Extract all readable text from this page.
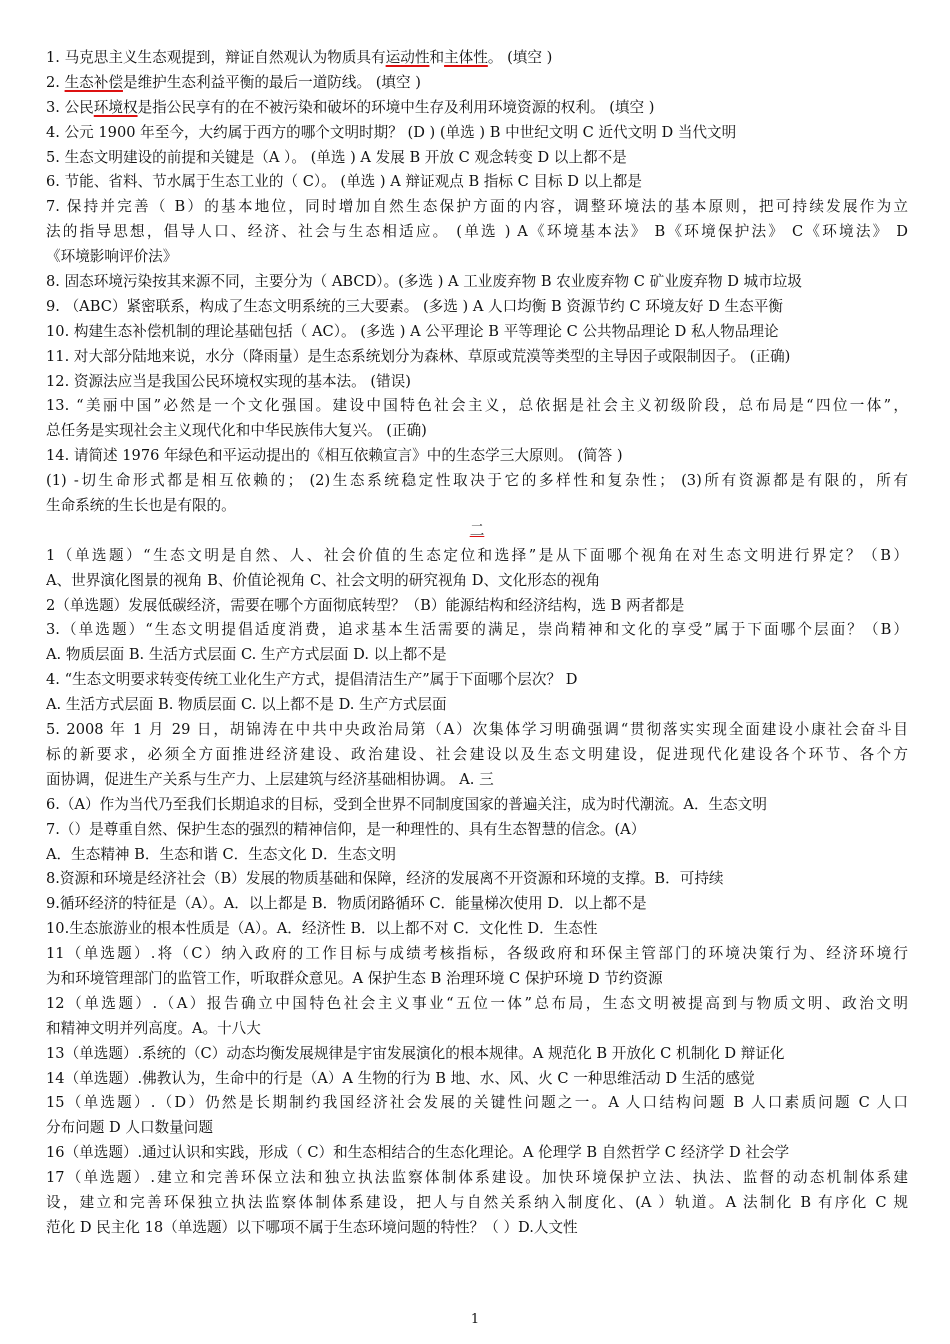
1. 马克思主义生态观提到，辩证自然观认为物质具有运动性和主体性。 (填空 )
2. 生态补偿是维护生态利益平衡的最后一道防线。 (填空 )
3. 公民环境权是指公民享有的在不被污染和破坏的环境中生存及利用环境资源的权利。 (填空 )
4. 公元 1900 年至今，大约属于西方的哪个文明时期？ (D ) (单选 ) B 中世纪文明 C 近代文明 D 当代文明
5. 生态文明建设的前提和关键是（A ）。 (单选 ) A 发展 B 开放 C 观念转变 D 以上都不是
6. 节能、省料、节水属于生态工业的（ C）。 (单选 ) A 辩证观点 B 指标 C 目标 D 以上都是
7. 保持并完善（ B）的基本地位，同时增加自然生态保护方面的内容，调整环境法的基本原则，把可持续发展作为立
法的指导思想，倡导人口、经济、社会与生态相适应。 (单选 ) A《环境基本法》 B《环境保护法》 C《环境法》 D
《环境影响评价法》
8. 固态环境污染按其来源不同，主要分为（ ABCD）。(多选 ) A 工业废弃物 B 农业废弃物 C 矿业废弃物 D 城市垃圾
9. （ABC）紧密联系，构成了生态文明系统的三大要素。 (多选 ) A 人口均衡 B 资源节约 C 环境友好 D 生态平衡
10. 构建生态补偿机制的理论基础包括（ AC）。 (多选 ) A 公平理论 B 平等理论 C 公共物品理论 D 私人物品理论
11. 对大部分陆地来说，水分（降雨量）是生态系统划分为森林、草原或荒漠等类型的主导因子或限制因子。 (正确)
12. 资源法应当是我国公民环境权实现的基本法。 (错误)
13. “美丽中国”必然是一个文化强国。建设中国特色社会主义，总依据是社会主义初级阶段，总布局是“四位一体”，
总任务是实现社会主义现代化和中华民族伟大复兴。 (正确)
14. 请简述 1976 年绿色和平运动提出的《相互依赖宣言》中的生态学三大原则。 (简答 )
(1) -切生命形式都是相互依赖的； (2)生态系统稳定性取决于它的多样性和复杂性； (3)所有资源都是有限的，所有
生命系统的生长也是有限的。
二
1（单选题）“生态文明是自然、人、社会价值的生态定位和选择”是从下面哪个视角在对生态文明进行界定？（B）
A、世界演化图景的视角 B、价值论视角 C、社会文明的研究视角 D、文化形态的视角
2（单选题）发展低碳经济，需要在哪个方面彻底转型？（B）能源结构和经济结构，选 B 两者都是
3.（单选题）“生态文明提倡适度消费，追求基本生活需要的满足，崇尚精神和文化的享受”属于下面哪个层面？（B）
A. 物质层面 B. 生活方式层面 C. 生产方式层面 D. 以上都不是
4. “生态文明要求转变传统工业化生产方式，提倡清洁生产”属于下面哪个层次？ D
A. 生活方式层面 B. 物质层面 C. 以上都不是 D. 生产方式层面
5. 2008 年 1 月 29 日，胡锦涛在中共中央政治局第（A）次集体学习明确强调“贯彻落实实现全面建设小康社会奋斗目
标的新要求，必须全方面推进经济建设、政治建设、社会建设以及生态文明建设，促进现代化建设各个环节、各个方
面协调，促进生产关系与生产力、上层建筑与经济基础相协调。 A. 三
6.（A）作为当代乃至我们长期追求的目标，受到全世界不同制度国家的普遍关注，成为时代潮流。A．生态文明
7.（）是尊重自然、保护生态的强烈的精神信仰，是一种理性的、具有生态智慧的信念。(A）
A．生态精神 B．生态和谐 C．生态文化 D．生态文明
8.资源和环境是经济社会（B）发展的物质基础和保障，经济的发展离不开资源和环境的支撑。B．可持续
9.循环经济的特征是（A）。A．以上都是 B．物质闭路循环 C．能量梯次使用 D．以上都不是
10.生态旅游业的根本性质是（A）。A．经济性 B．以上都不对 C．文化性 D．生态性
11（单选题）.将（C）纳入政府的工作目标与成绩考核指标，各级政府和环保主管部门的环境决策行为、经济环境行
为和环境管理部门的监管工作，听取群众意见。A 保护生态 B 治理环境 C 保护环境 D 节约资源
12（单选题）.（A）报告确立中国特色社会主义事业“五位一体”总布局，生态文明被提高到与物质文明、政治文明
和精神文明并列高度。A。十八大
13（单选题）.系统的（C）动态均衡发展规律是宇宙发展演化的根本规律。A 规范化 B 开放化 C 机制化 D 辩证化
14（单选题）.佛教认为，生命中的行是（A）A 生物的行为 B 地、水、风、火 C 一种思维活动 D 生活的感觉
15（单选题）.（D）仍然是长期制约我国经济社会发展的关键性问题之一。A 人口结构问题 B 人口素质问题 C 人口
分布问题 D 人口数量问题
16（单选题）.通过认识和实践，形成（ C）和生态相结合的生态化理论。A 伦理学 B 自然哲学 C 经济学 D 社会学
17（单选题）.建立和完善环保立法和独立执法监察体制体系建设。加快环境保护立法、执法、监督的动态机制体系建
设，建立和完善环保独立执法监察体制体系建设，把人与自然关系纳入制度化、(A ）轨道。A 法制化 B 有序化 C 规
范化 D 民主化 18（单选题）以下哪项不属于生态环境问题的特性？（ ）D.人文性
1
